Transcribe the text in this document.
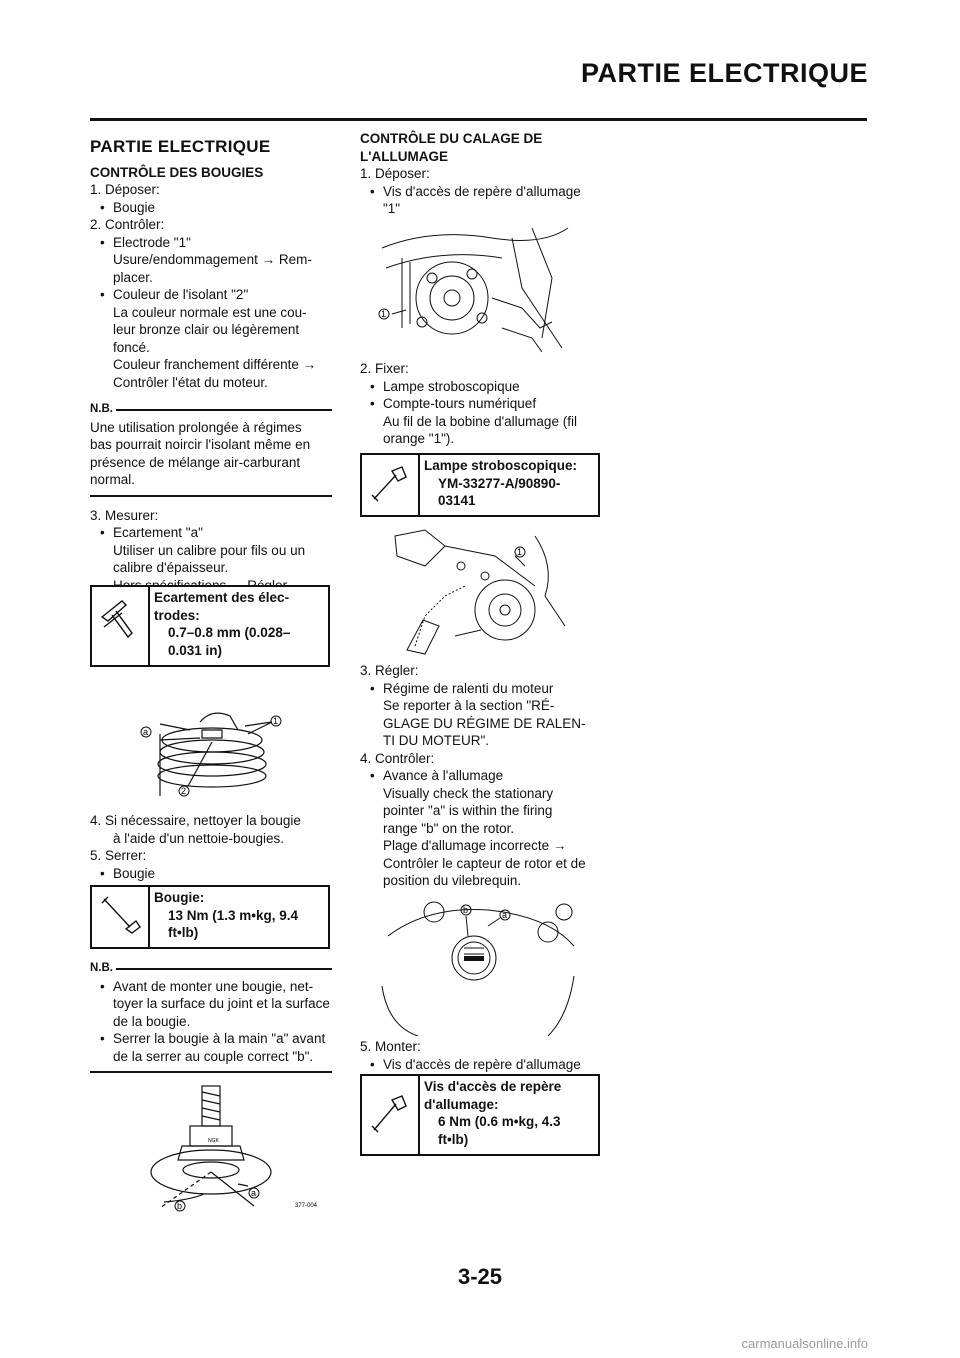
PARTIE ELECTRIQUE
PARTIE ELECTRIQUE
CONTRÔLE DES BOUGIES
1. Déposer:
• Bougie
2. Contrôler:
• Electrode "1"
Usure/endommagement → Rem-
placer.
• Couleur de l'isolant "2"
La couleur normale est une cou-
leur bronze clair ou légèrement
foncé.
Couleur franchement différente →
Contrôler l'état du moteur.
N.B.
Une utilisation prolongée à régimes
bas pourrait noircir l'isolant même en
présence de mélange air-carburant
normal.
3. Mesurer:
• Ecartement "a"
Utiliser un calibre pour fils ou un
calibre d'épaisseur.
Ecartement des élec-
trodes:
0.7–0.8 mm (0.028–
0.031 in)
a
1
2
4. Si nécessaire, nettoyer la bougie
à l'aide d'un nettoie-bougies.
5. Serrer:
• Bougie
Bougie:
13 Nm (1.3 m•kg, 9.4
ft•lb)
N.B.
• Avant de monter une bougie, net-
toyer la surface du joint et la surface
de la bougie.
• Serrer la bougie à la main "a" avant
de la serrer au couple correct "b".
NGK
a
b	377-004
CONTRÔLE DU CALAGE DE
L'ALLUMAGE
1. Déposer:
• Vis d'accès de repère d'allumage
"1"
1
2. Fixer:
• Lampe stroboscopique
• Compte-tours numériquef
Au fil de la bobine d'allumage (fil
orange "1").
Lampe stroboscopique:
YM-33277-A/90890-
03141
1
3. Régler:
• Régime de ralenti du moteur
Se reporter à la section "RÉ-
GLAGE DU RÉGIME DE RALEN-
TI DU MOTEUR".
4. Contrôler:
• Avance à l'allumage
Visually check the stationary
pointer "a" is within the firing
range "b" on the rotor.
Plage d'allumage incorrecte →
Contrôler le capteur de rotor et de
position du vilebrequin.
b	a
5. Monter:
• Vis d'accès de repère d'allumage
Vis d'accès de repère
d'allumage:
6 Nm (0.6 m•kg, 4.3
ft•lb)
3-25
carmanualsonline.info
